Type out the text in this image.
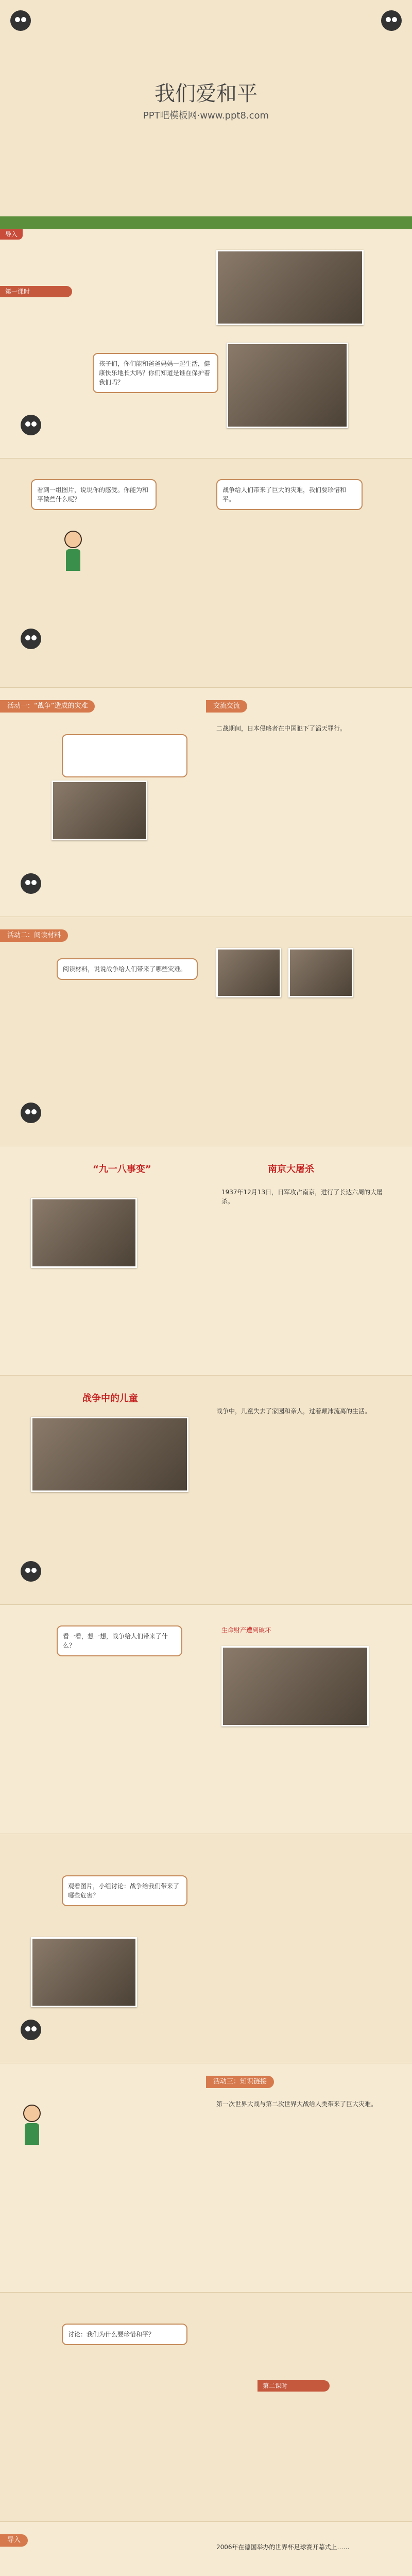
我们爱和平
PPT吧模板网·www.ppt8.com
导入
第一课时
孩子们，你们能和爸爸妈妈一起生活，健康快乐地长大吗？你们知道是谁在保护着我们吗？
看到一组图片，说说你的感受。你能为和平做些什么呢？
战争给人们带来了巨大的灾难，我们要珍惜和平。
活动一：“战争”造成的灾难	交流交流
二战期间，日本侵略者在中国犯下了滔天罪行。
活动二：阅读材料
阅读材料，说说战争给人们带来了哪些灾难。
“九一八事变”	南京大屠杀
1937年12月13日，日军攻占南京，进行了长达六周的大屠杀。
战争中的儿童
战争中，儿童失去了家园和亲人，过着颠沛流离的生活。
看一看，想一想，战争给人们带来了什么？
生命财产遭到破坏
观看图片，小组讨论：战争给我们带来了哪些危害？
活动三：知识链接
第一次世界大战与第二次世界大战给人类带来了巨大灾难。
讨论：我们为什么要珍惜和平？
第二课时
导入
2006年在德国举办的世界杯足球赛开幕式上……
